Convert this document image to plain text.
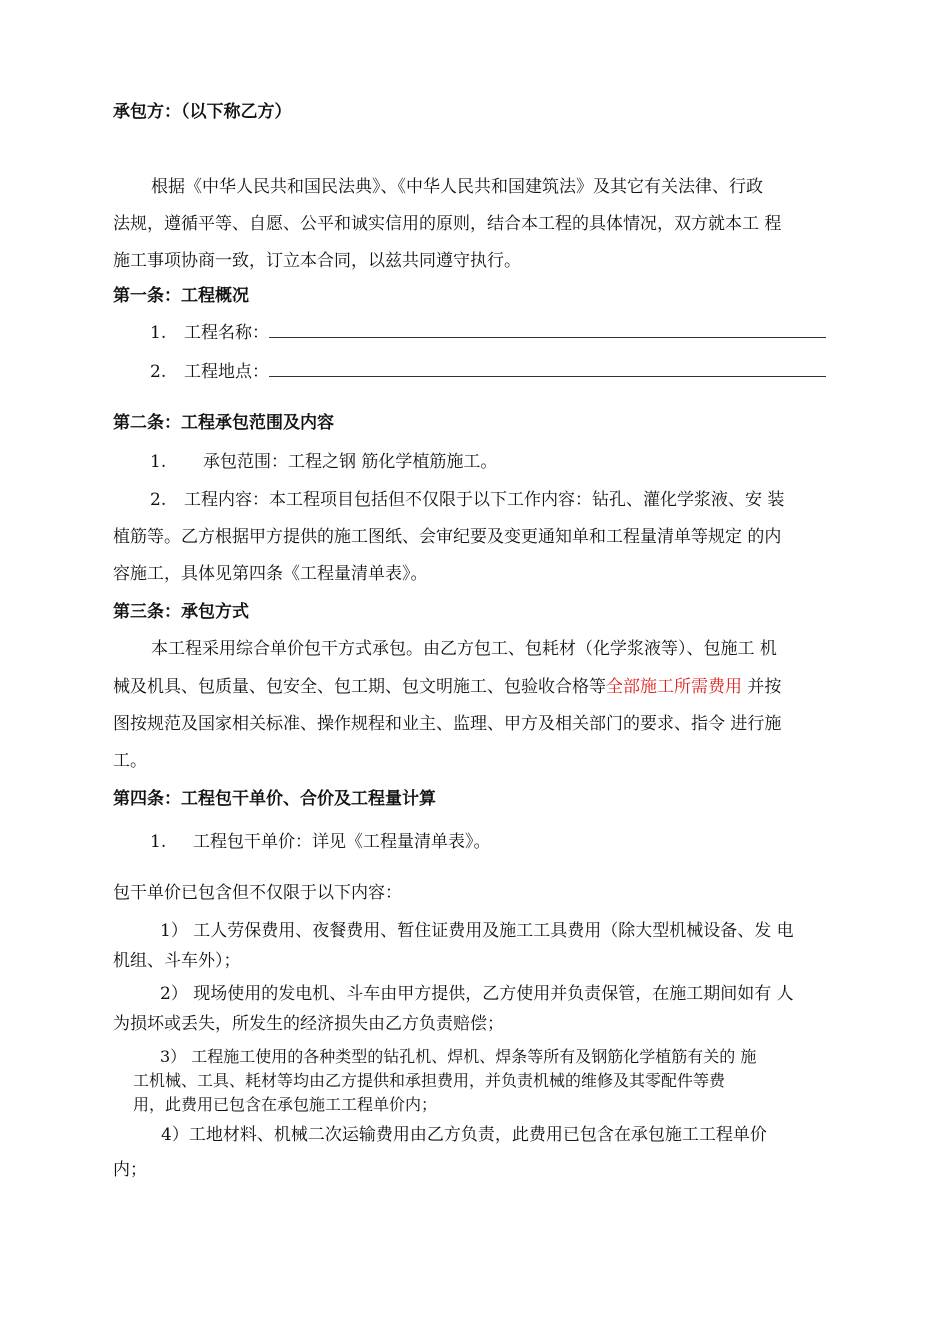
承包方：（以下称乙方）
根据《中华人民共和国民法典》、《中华人民共和国建筑法》及其它有关法律、行政
法规，遵循平等、自愿、公平和诚实信用的原则，结合本工程的具体情况，双方就本工 程
施工事项协商一致，订立本合同，以兹共同遵守执行。
第一条：工程概况
1. 工程名称：
2. 工程地点：
第二条：工程承包范围及内容
1. 承包范围：工程之钢 筋化学植筋施工。
2. 工程内容：本工程项目包括但不仅限于以下工作内容：钻孔、灌化学浆液、安 装
植筋等。乙方根据甲方提供的施工图纸、会审纪要及变更通知单和工程量清单等规定 的内
容施工，具体见第四条《工程量清单表》。
第三条：承包方式
本工程采用综合单价包干方式承包。由乙方包工、包耗材（化学浆液等）、包施工 机
械及机具、包质量、包安全、包工期、包文明施工、包验收合格等全部施工所需费用 并按
图按规范及国家相关标准、操作规程和业主、监理、甲方及相关部门的要求、指令 进行施
工。
第四条：工程包干单价、合价及工程量计算
1. 工程包干单价：详见《工程量清单表》。
包干单价已包含但不仅限于以下内容：
1） 工人劳保费用、夜餐费用、暂住证费用及施工工具费用（除大型机械设备、发 电
机组、斗车外）；
2） 现场使用的发电机、斗车由甲方提供，乙方使用并负责保管，在施工期间如有 人
为损坏或丢失，所发生的经济损失由乙方负责赔偿；
3） 工程施工使用的各种类型的钻孔机、焊机、焊条等所有及钢筋化学植筋有关的 施
工机械、工具、耗材等均由乙方提供和承担费用，并负责机械的维修及其零配件等费
用，此费用已包含在承包施工工程单价内；
4）工地材料、机械二次运输费用由乙方负责，此费用已包含在承包施工工程单价
内；
